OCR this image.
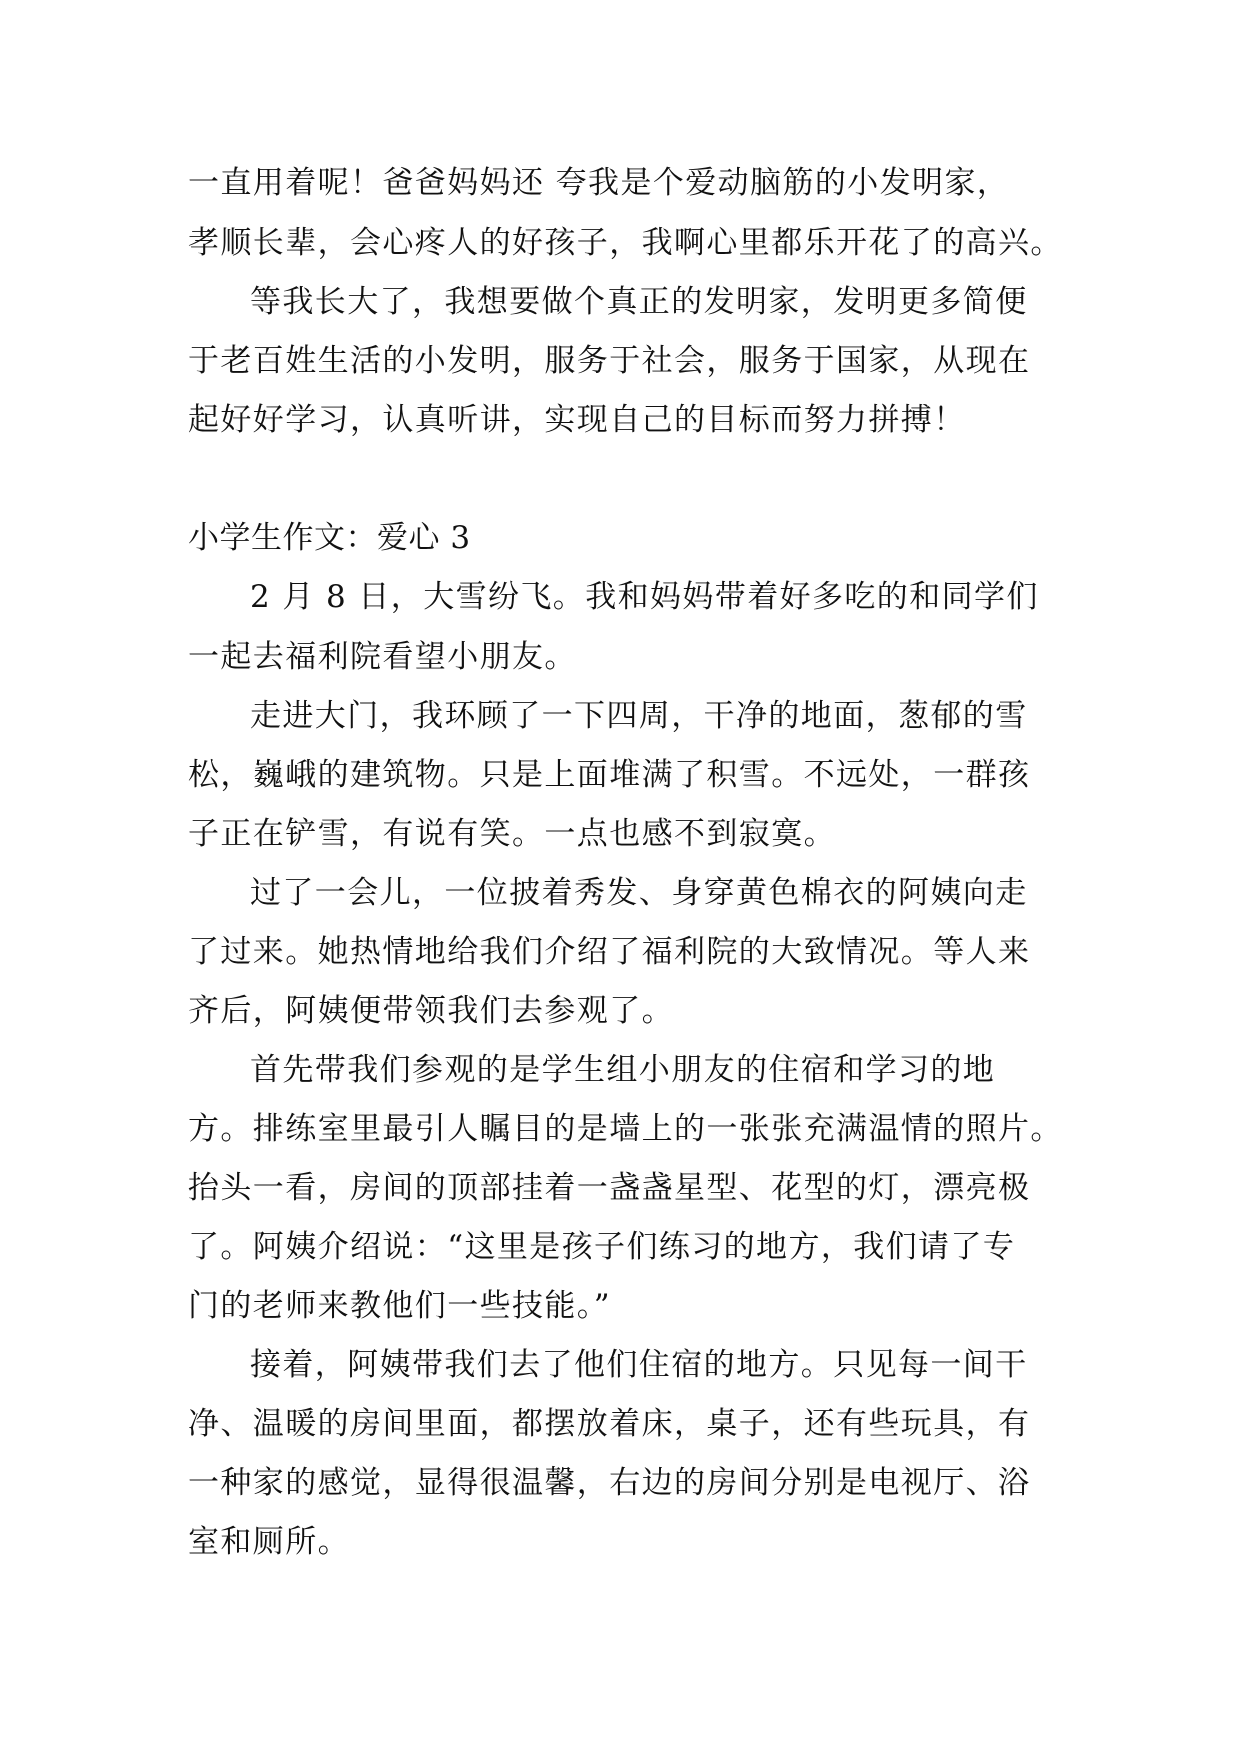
一直用着呢！爸爸妈妈还 夸我是个爱动脑筋的小发明家，
孝顺长辈，会心疼人的好孩子，我啊心里都乐开花了的高兴。
等我长大了，我想要做个真正的发明家，发明更多简便
于老百姓生活的小发明，服务于社会，服务于国家，从现在
起好好学习，认真听讲，实现自己的目标而努力拼搏！
小学生作文：爱心 3
2 月 8 日，大雪纷飞。我和妈妈带着好多吃的和同学们
一起去福利院看望小朋友。
走进大门，我环顾了一下四周，干净的地面，葱郁的雪
松，巍峨的建筑物。只是上面堆满了积雪。不远处，一群孩
子正在铲雪，有说有笑。一点也感不到寂寞。
过了一会儿，一位披着秀发、身穿黄色棉衣的阿姨向走
了过来。她热情地给我们介绍了福利院的大致情况。等人来
齐后，阿姨便带领我们去参观了。
首先带我们参观的是学生组小朋友的住宿和学习的地
方。排练室里最引人瞩目的是墙上的一张张充满温情的照片。
抬头一看，房间的顶部挂着一盏盏星型、花型的灯，漂亮极
了。阿姨介绍说：“这里是孩子们练习的地方，我们请了专
门的老师来教他们一些技能。”
接着，阿姨带我们去了他们住宿的地方。只见每一间干
净、温暖的房间里面，都摆放着床，桌子，还有些玩具，有
一种家的感觉，显得很温馨，右边的房间分别是电视厅、浴
室和厕所。
